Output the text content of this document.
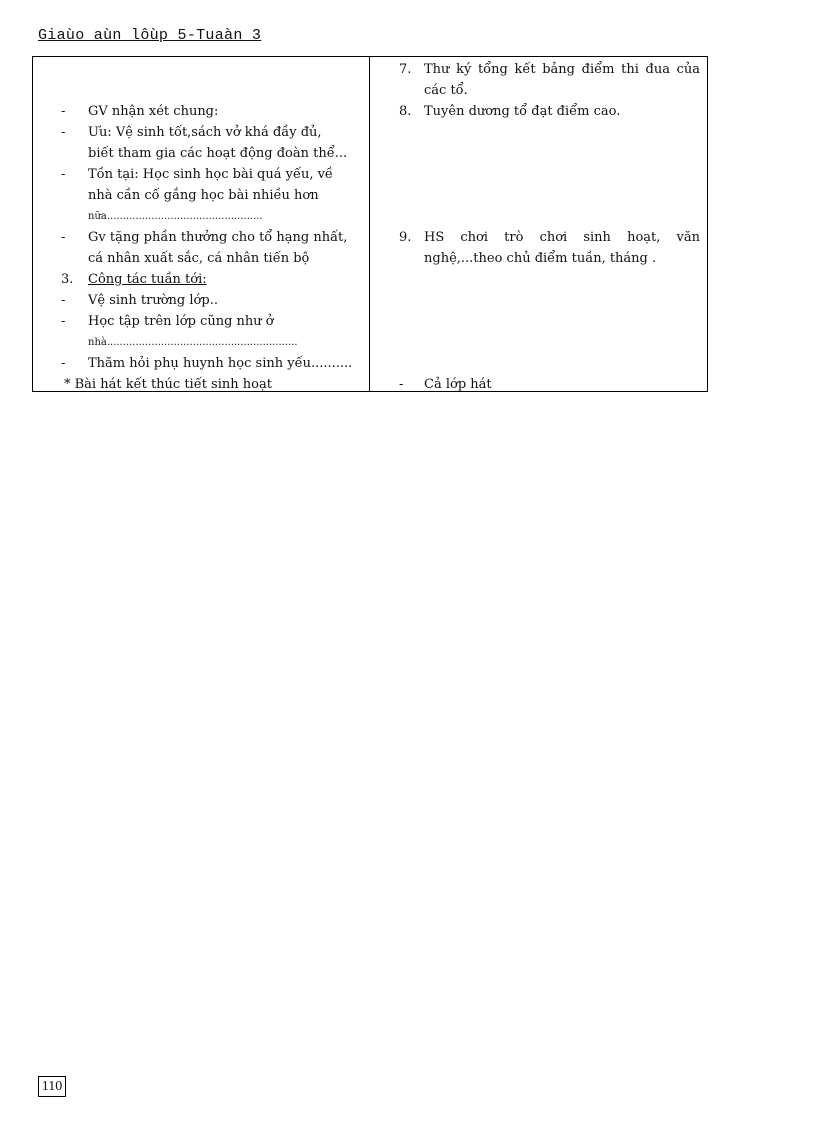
Giaùo aùn lôùp 5-Tuaàn 3
- GV nhận xét chung:
- Ưu: Vệ sinh tốt,sách vở khá đầy đủ,
biết tham gia các hoạt động đoàn thể...
- Tồn tại: Học sinh học bài quá yếu, về
nhà cần cố gắng học bài nhiều hơn
nữa.................................................
- Gv tặng phần thưởng cho tổ hạng nhất,
cá nhân xuất sắc, cá nhân tiến bộ
3. Công tác tuần tới:
- Vệ sinh trường lớp..
- Học tập trên lớp cũng như ở
nhà............................................................
- Thăm hỏi phụ huynh học sinh yếu..........
* Bài hát kết thúc tiết sinh hoạt
7. Thư ký tổng kết bảng điểm thi đua của
các tổ.
8. Tuyên dương tổ đạt điểm cao.
9. HS chơi trò chơi sinh hoạt, văn
nghệ,...theo chủ điểm tuần, tháng .
- Cả lớp hát
110
